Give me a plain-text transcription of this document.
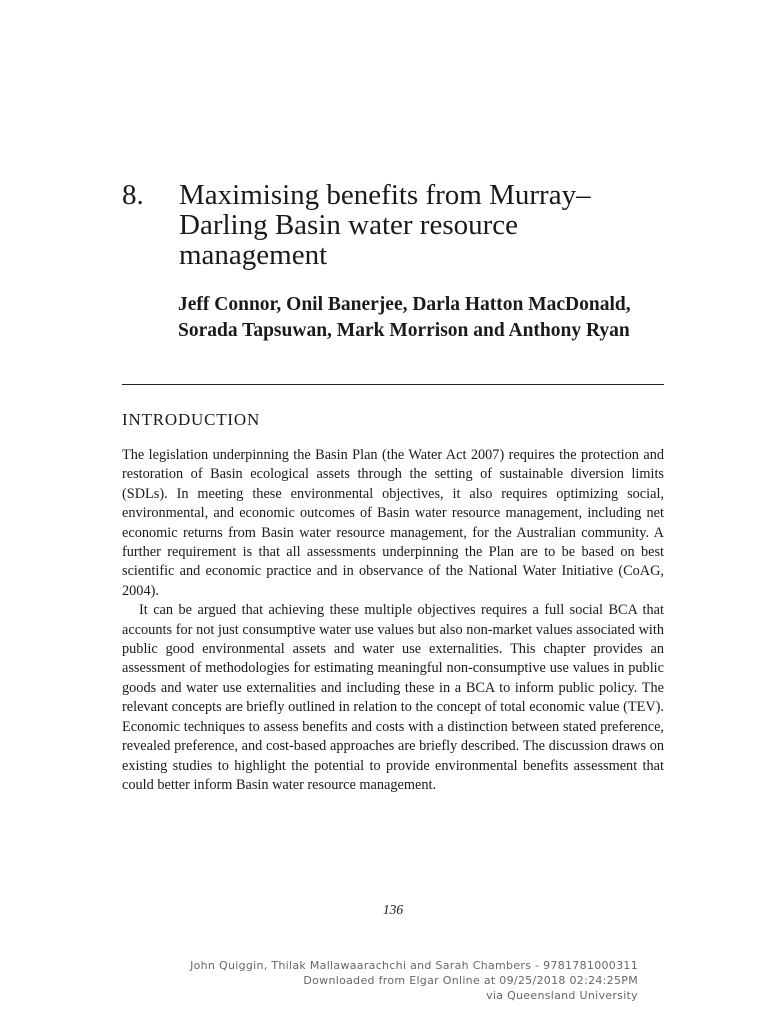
8. Maximising benefits from Murray–Darling Basin water resource management
Jeff Connor, Onil Banerjee, Darla Hatton MacDonald, Sorada Tapsuwan, Mark Morrison and Anthony Ryan
INTRODUCTION

The legislation underpinning the Basin Plan (the Water Act 2007) requires the protection and restoration of Basin ecological assets through the setting of sustainable diversion limits (SDLs). In meeting these environmental objectives, it also requires optimizing social, environmental, and economic outcomes of Basin water resource management, including net economic returns from Basin water resource management, for the Australian community. A further requirement is that all assessments underpinning the Plan are to be based on best scientific and economic practice and in observance of the National Water Initiative (CoAG, 2004).

It can be argued that achieving these multiple objectives requires a full social BCA that accounts for not just consumptive water use values but also non-market values associated with public good environmental assets and water use externalities. This chapter provides an assessment of methodologies for estimating meaningful non-consumptive use values in public goods and water use externalities and including these in a BCA to inform public policy. The relevant concepts are briefly outlined in relation to the concept of total economic value (TEV). Economic techniques to assess benefits and costs with a distinction between stated preference, revealed preference, and cost-based approaches are briefly described. The discussion draws on existing studies to highlight the potential to provide environmental benefits assessment that could better inform Basin water resource management.

136
John Quiggin, Thilak Mallawaarachchi and Sarah Chambers - 9781781000311
Downloaded from Elgar Online at 09/25/2018 02:24:25PM
via Queensland University
